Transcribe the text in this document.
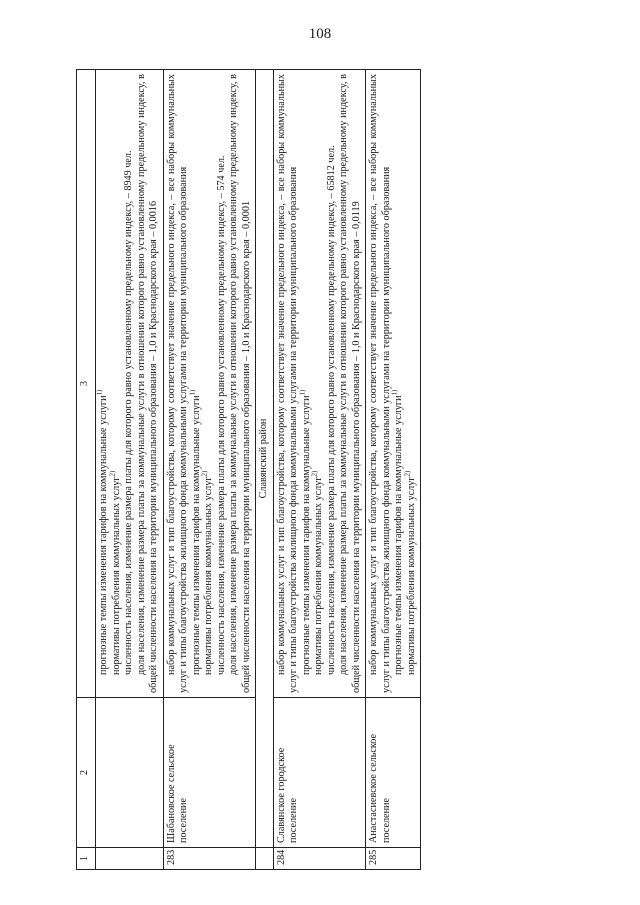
108
1	2	3

		прогнозные темпы изменения тарифов на коммунальные услуги$^{1)}$

нормативы потребления коммунальных услуг$^{2)}$ численность населения, изменение размера платы для которого равно установленному предельному индексу, – 8949 чел. доля населения, изменение размера платы за коммунальные услуги в отношении которого равно установленному предельному индексу, в общей численности населения на территории муниципального образования – 1,0 и Краснодарского края – 0,0016

283	Шабановское сельское поселение	набор коммунальных услуг и тип благоустройства, которому соответствует значение предельного индекса, – все наборы коммунальных услуг и типы благоустройства жилищного фонда коммунальными услугами на территории муниципального образования прогнозные темпы изменения тарифов на коммунальные услуги$^{1)}$

нормативы потребления коммунальных услуг$^{2)}$ численность населения, изменение размера платы для которого равно установленному предельному индексу, – 574 чел. доля населения, изменение размера платы за коммунальные услуги в отношении которого равно установленному предельному индексу, в общей численности населения на территории муниципального образования – 1,0 и Краснодарского края – 0,0001

	Славянский район	
284	Славянское городское поселение	набор коммунальных услуг и тип благоустройства, которому соответствует значение предельного индекса, – все наборы коммунальных услуг и типы благоустройства жилищного фонда коммунальными услугами на территории муниципального образования прогнозные темпы изменения тарифов на коммунальные услуги$^{1)}$

нормативы потребления коммунальных услуг$^{2)}$ численность населения, изменение размера платы для которого равно установленному предельному индексу, – 65812 чел. доля населения, изменение размера платы за коммунальные услуги в отношении которого равно установленному предельному индексу, в общей численности населения на территории муниципального образования – 1,0 и Краснодарского края – 0,0119

285	Анастасиевское сельское поселение	набор коммунальных услуг и тип благоустройства, которому соответствует значение предельного индекса, – все наборы коммунальных услуг и типы благоустройства жилищного фонда коммунальными услугами на территории муниципального образования прогнозные темпы изменения тарифов на коммунальные услуги$^{1)}$

нормативы потребления коммунальных услуг$^{2)}$
